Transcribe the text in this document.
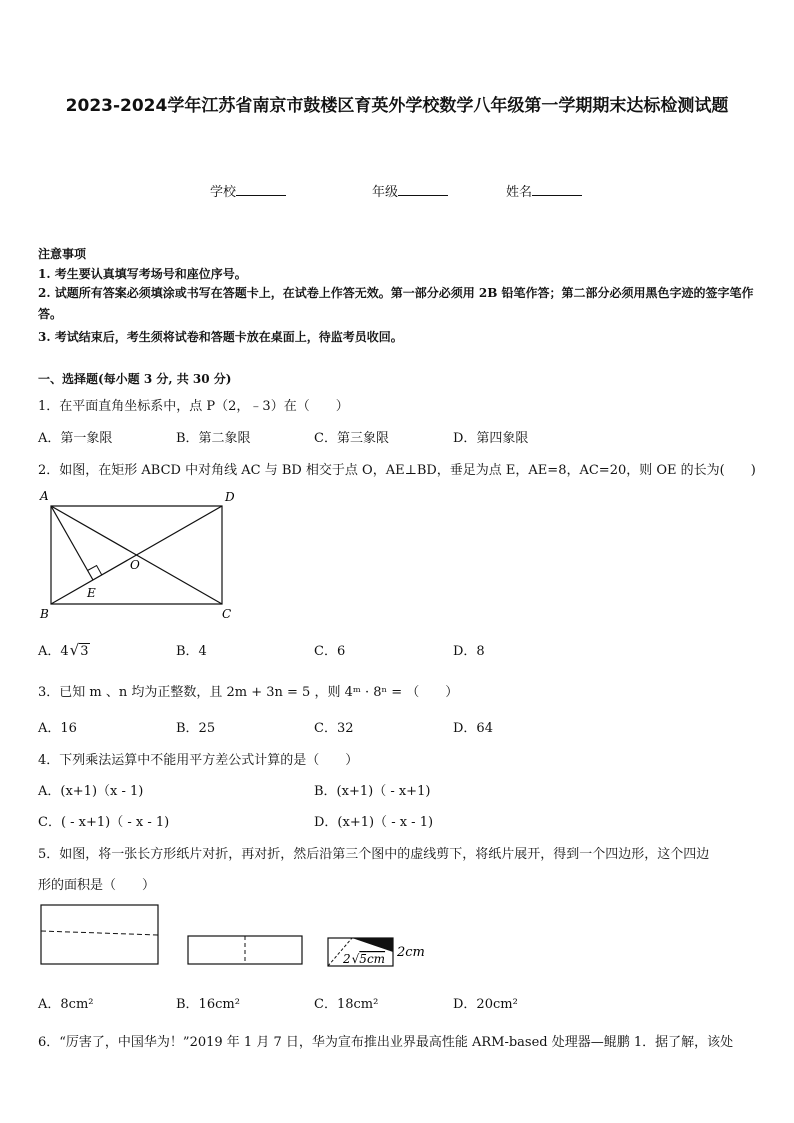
2023-2024学年江苏省南京市鼓楼区育英外学校数学八年级第一学期期末达标检测试题
学校	年级	姓名
注意事项
1. 考生要认真填写考场号和座位序号。
2. 试题所有答案必须填涂或书写在答题卡上，在试卷上作答无效。第一部分必须用 2B 铅笔作答；第二部分必须用黑色字迹的签字笔作答。
3. 考试结束后，考生须将试卷和答题卡放在桌面上，待监考员收回。
一、选择题(每小题 3 分, 共 30 分)
1．在平面直角坐标系中，点 P（2，﹣3）在（　　）
A．第一象限	B．第二象限	C．第三象限	D．第四象限
2．如图，在矩形 ABCD 中对角线 AC 与 BD 相交于点 O，AE⊥BD，垂足为点 E，AE=8，AC=20，则 OE 的长为(　　)
A	D
B	C
O
E
A．4√3	B．4	C．6	D．8
3．已知 m 、n 均为正整数，且 2m + 3n = 5 ，则 4ᵐ · 8ⁿ = （　　）
A．16	B．25	C．32	D．64
4．下列乘法运算中不能用平方差公式计算的是（　　）
A．(x+1)（x - 1)	B．(x+1)（ - x+1)
C．( - x+1)（ - x - 1)	D．(x+1)（ - x - 1)
5．如图，将一张长方形纸片对折，再对折，然后沿第三个图中的虚线剪下，将纸片展开，得到一个四边形，这个四边
形的面积是（　　）
2cm
2√5cm
A．8cm²	B．16cm²	C．18cm²	D．20cm²
6．“厉害了，中国华为！”2019 年 1 月 7 日，华为宣布推出业界最高性能 ARM-based 处理器—鲲鹏 1．据了解，该处
